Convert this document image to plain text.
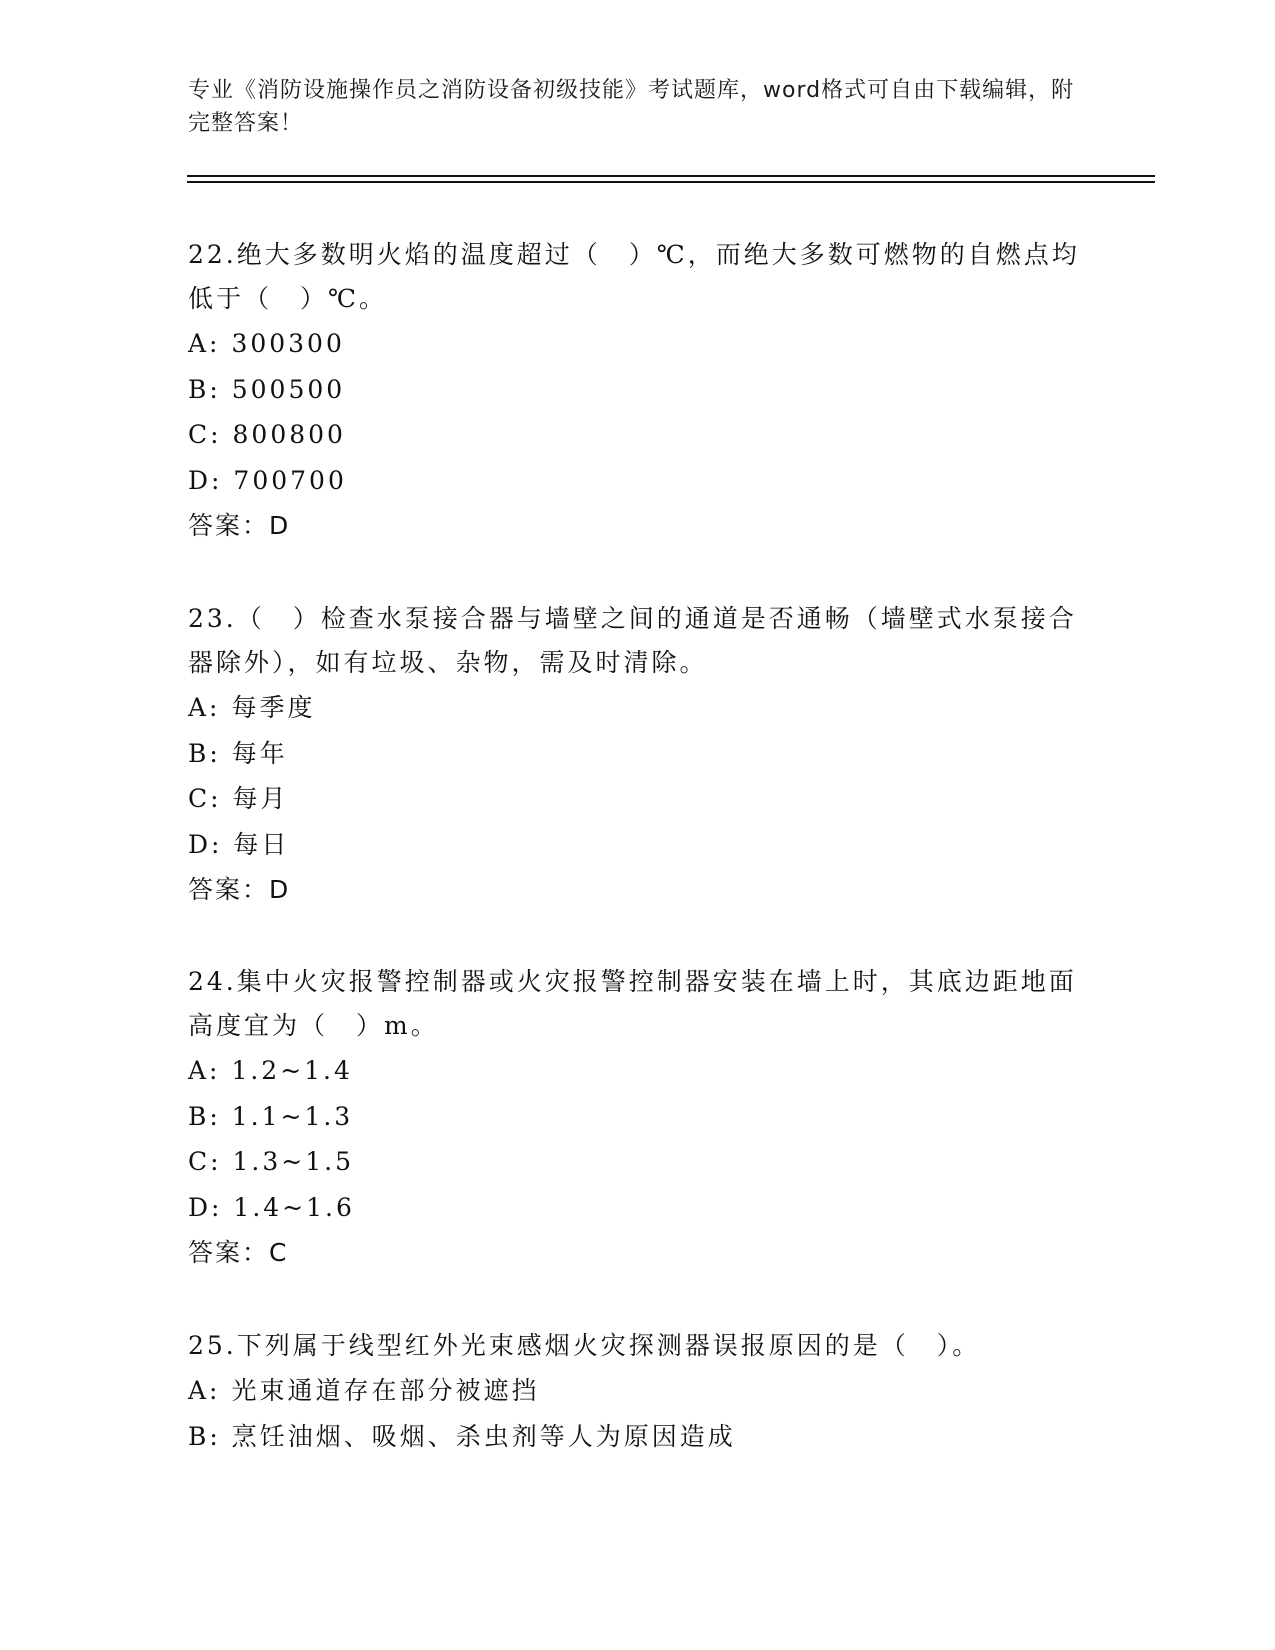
专业《消防设施操作员之消防设备初级技能》考试题库，word格式可自由下载编辑，附完整答案！

22.绝大多数明火焰的温度超过（　）℃，而绝大多数可燃物的自燃点均低于（　）℃。

A: 300300

B: 500500

C: 800800

D: 700700

答案：D

23.（　）检查水泵接合器与墙壁之间的通道是否通畅（墙壁式水泵接合器除外），如有垃圾、杂物，需及时清除。

A: 每季度

B: 每年

C: 每月

D: 每日

答案：D

24.集中火灾报警控制器或火灾报警控制器安装在墙上时，其底边距地面高度宜为（　）m。

A: 1.2~1.4

B: 1.1~1.3

C: 1.3~1.5

D: 1.4~1.6

答案：C

25.下列属于线型红外光束感烟火灾探测器误报原因的是（　）。

A: 光束通道存在部分被遮挡

B: 烹饪油烟、吸烟、杀虫剂等人为原因造成
